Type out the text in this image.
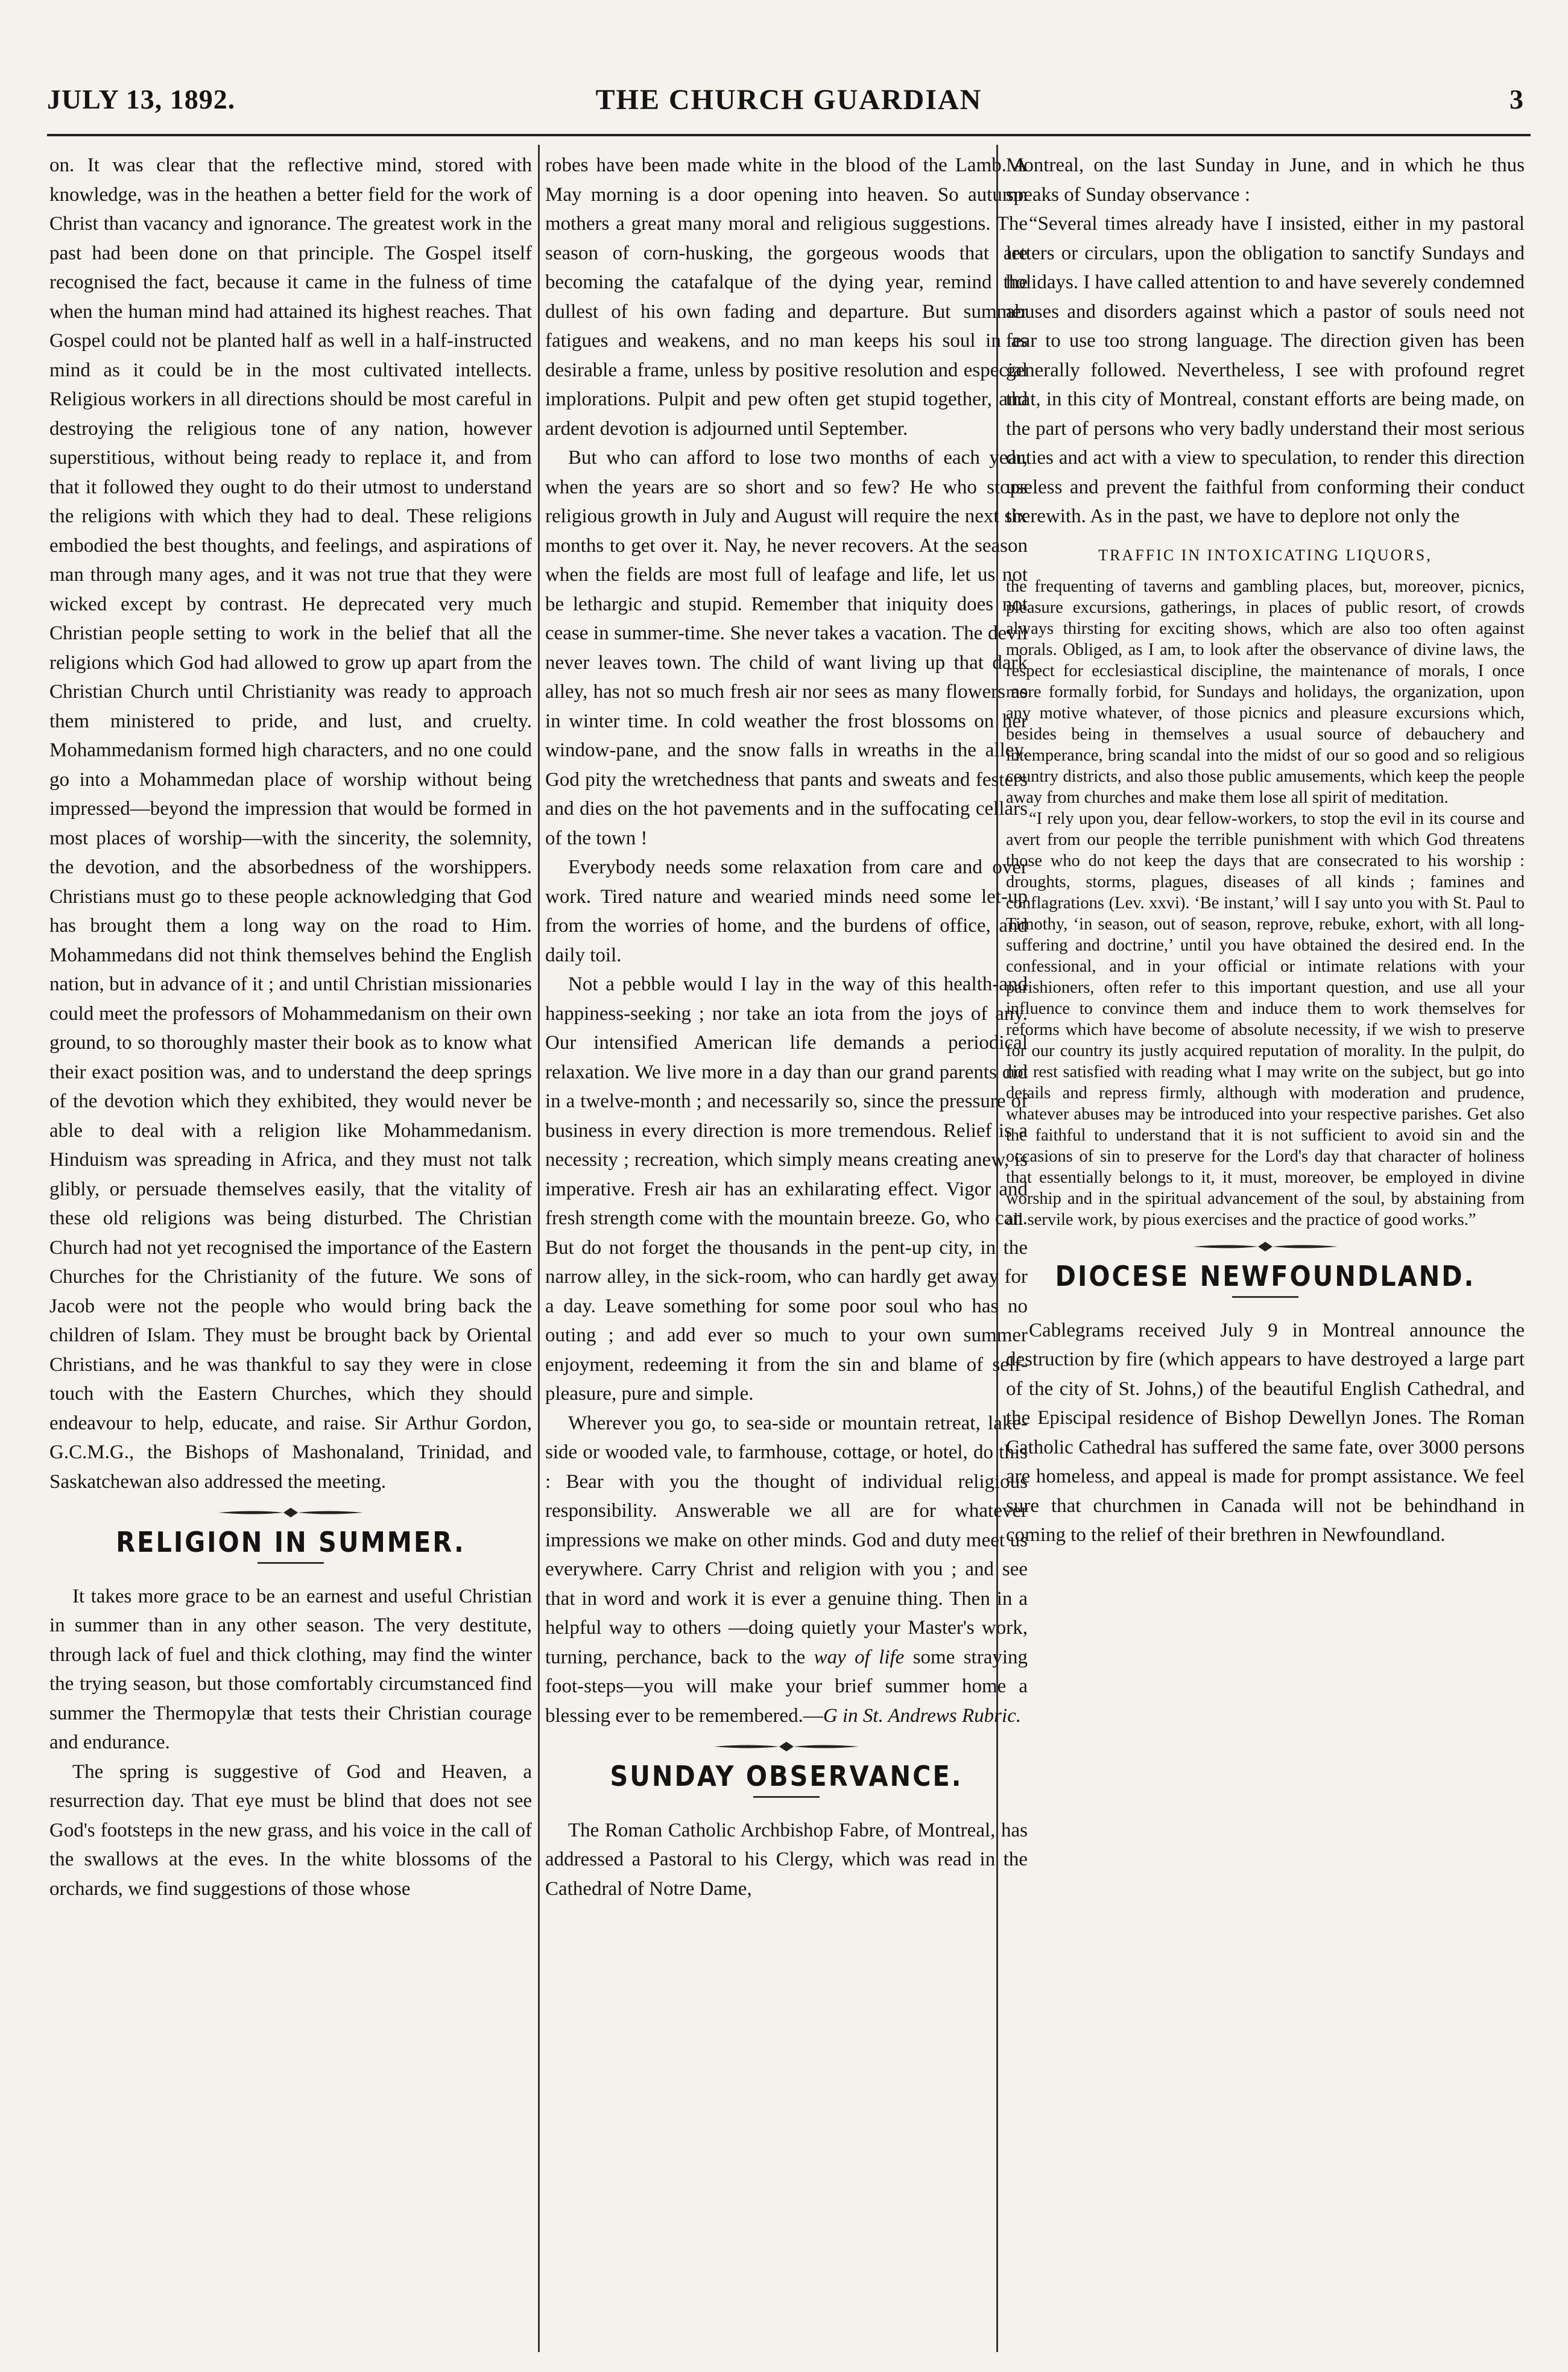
JULY 13, 1892.	THE CHURCH GUARDIAN	3

on. It was clear that the reflective mind, stored with knowledge, was in the heathen a better field for the work of Christ than vacancy and ignorance. The greatest work in the past had been done on that principle. The Gospel itself recognised the fact, because it came in the fulness of time when the human mind had attained its highest reaches. That Gospel could not be planted half as well in a half-instructed mind as it could be in the most cultivated intellects. Religious workers in all directions should be most careful in destroying the religious tone of any nation, however superstitious, without being ready to replace it, and from that it followed they ought to do their utmost to understand the religions with which they had to deal. These religions embodied the best thoughts, and feelings, and aspirations of man through many ages, and it was not true that they were wicked except by contrast. He deprecated very much Christian people setting to work in the belief that all the religions which God had allowed to grow up apart from the Christian Church until Christianity was ready to approach them ministered to pride, and lust, and cruelty. Mohammedanism formed high characters, and no one could go into a Mohammedan place of worship without being impressed—beyond the impression that would be formed in most places of worship—with the sincerity, the solemnity, the devotion, and the absorbedness of the worshippers. Christians must go to these people acknowledging that God has brought them a long way on the road to Him. Mohammedans did not think themselves behind the English nation, but in advance of it ; and until Christian missionaries could meet the professors of Mohammedanism on their own ground, to so thoroughly master their book as to know what their exact position was, and to understand the deep springs of the devotion which they exhibited, they would never be able to deal with a religion like Mohammedanism. Hinduism was spreading in Africa, and they must not talk glibly, or persuade themselves easily, that the vitality of these old religions was being disturbed. The Christian Church had not yet recognised the importance of the Eastern Churches for the Christianity of the future. We sons of Jacob were not the people who would bring back the children of Islam. They must be brought back by Oriental Christians, and he was thankful to say they were in close touch with the Eastern Churches, which they should endeavour to help, educate, and raise. Sir Arthur Gordon, G.C.M.G., the Bishops of Mashonaland, Trinidad, and Saskatchewan also addressed the meeting.

RELIGION IN SUMMER.

It takes more grace to be an earnest and useful Christian in summer than in any other season. The very destitute, through lack of fuel and thick clothing, may find the winter the trying season, but those comfortably circumstanced find summer the Thermopylæ that tests their Christian courage and endurance.

The spring is suggestive of God and Heaven, a resurrection day. That eye must be blind that does not see God's footsteps in the new grass, and his voice in the call of the swallows at the eves. In the white blossoms of the orchards, we find suggestions of those whose

robes have been made white in the blood of the Lamb. A May morning is a door opening into heaven. So autumn mothers a great many moral and religious suggestions. The season of corn-husking, the gorgeous woods that are becoming the catafalque of the dying year, remind the dullest of his own fading and departure. But summer fatigues and weakens, and no man keeps his soul in as desirable a frame, unless by positive resolution and especial implorations. Pulpit and pew often get stupid together, and ardent devotion is adjourned until September.

But who can afford to lose two months of each year, when the years are so short and so few? He who stops religious growth in July and August will require the next six months to get over it. Nay, he never recovers. At the season when the fields are most full of leafage and life, let us not be lethargic and stupid. Remember that iniquity does not cease in summer-time. She never takes a vacation. The devil never leaves town. The child of want living up that dark alley, has not so much fresh air nor sees as many flowers as in winter time. In cold weather the frost blossoms on her window-pane, and the snow falls in wreaths in the alley. God pity the wretchedness that pants and sweats and festers and dies on the hot pavements and in the suffocating cellars of the town !

Everybody needs some relaxation from care and over work. Tired nature and wearied minds need some let-up from the worries of home, and the burdens of office, and daily toil.

Not a pebble would I lay in the way of this health-and happiness-seeking ; nor take an iota from the joys of any. Our intensified American life demands a periodical relaxation. We live more in a day than our grand parents did in a twelve-month ; and necessarily so, since the pressure of business in every direction is more tremendous. Relief is a necessity ; recreation, which simply means creating anew, is imperative. Fresh air has an exhilarating effect. Vigor and fresh strength come with the mountain breeze. Go, who can. But do not forget the thousands in the pent-up city, in the narrow alley, in the sick-room, who can hardly get away for a day. Leave something for some poor soul who has no outing ; and add ever so much to your own summer enjoyment, redeeming it from the sin and blame of self-pleasure, pure and simple.

Wherever you go, to sea-side or mountain retreat, lake-side or wooded vale, to farmhouse, cottage, or hotel, do this : Bear with you the thought of individual religious responsibility. Answerable we all are for whatever impressions we make on other minds. God and duty meet us everywhere. Carry Christ and religion with you ; and see that in word and work it is ever a genuine thing. Then in a helpful way to others —doing quietly your Master's work, turning, perchance, back to the way of life some straying foot-steps—you will make your brief summer home a blessing ever to be remembered.—G in St. Andrews Rubric.

SUNDAY OBSERVANCE.

The Roman Catholic Archbishop Fabre, of Montreal, has addressed a Pastoral to his Clergy, which was read in the Cathedral of Notre Dame,

Montreal, on the last Sunday in June, and in which he thus speaks of Sunday observance :

“Several times already have I insisted, either in my pastoral letters or circulars, upon the obligation to sanctify Sundays and holidays. I have called attention to and have severely condemned abuses and disorders against which a pastor of souls need not fear to use too strong language. The direction given has been generally followed. Nevertheless, I see with profound regret that, in this city of Montreal, constant efforts are being made, on the part of persons who very badly understand their most serious duties and act with a view to speculation, to render this direction useless and prevent the faithful from conforming their conduct therewith. As in the past, we have to deplore not only the

TRAFFIC IN INTOXICATING LIQUORS,

the frequenting of taverns and gambling places, but, moreover, picnics, pleasure excursions, gatherings, in places of public resort, of crowds always thirsting for exciting shows, which are also too often against morals. Obliged, as I am, to look after the observance of divine laws, the respect for ecclesiastical discipline, the maintenance of morals, I once more formally forbid, for Sundays and holidays, the organization, upon any motive whatever, of those picnics and pleasure excursions which, besides being in themselves a usual source of debauchery and intemperance, bring scandal into the midst of our so good and so religious country districts, and also those public amusements, which keep the people away from churches and make them lose all spirit of meditation.

“I rely upon you, dear fellow-workers, to stop the evil in its course and avert from our people the terrible punishment with which God threatens those who do not keep the days that are consecrated to his worship : droughts, storms, plagues, diseases of all kinds ; famines and conflagrations (Lev. xxvi). ‘Be instant,’ will I say unto you with St. Paul to Timothy, ‘in season, out of season, reprove, rebuke, exhort, with all long-suffering and doctrine,’ until you have obtained the desired end. In the confessional, and in your official or intimate relations with your parishioners, often refer to this important question, and use all your influence to convince them and induce them to work themselves for reforms which have become of absolute necessity, if we wish to preserve for our country its justly acquired reputation of morality. In the pulpit, do not rest satisfied with reading what I may write on the subject, but go into details and repress firmly, although with moderation and prudence, whatever abuses may be introduced into your respective parishes. Get also the faithful to understand that it is not sufficient to avoid sin and the occasions of sin to preserve for the Lord's day that character of holiness that essentially belongs to it, it must, moreover, be employed in divine worship and in the spiritual advancement of the soul, by abstaining from all servile work, by pious exercises and the practice of good works.”

DIOCESE NEWFOUNDLAND.

Cablegrams received July 9 in Montreal announce the destruction by fire (which appears to have destroyed a large part of the city of St. Johns,) of the beautiful English Cathedral, and the Episcipal residence of Bishop Dewellyn Jones. The Roman Catholic Cathedral has suffered the same fate, over 3000 persons are homeless, and appeal is made for prompt assistance. We feel sure that churchmen in Canada will not be behindhand in coming to the relief of their brethren in Newfoundland.
